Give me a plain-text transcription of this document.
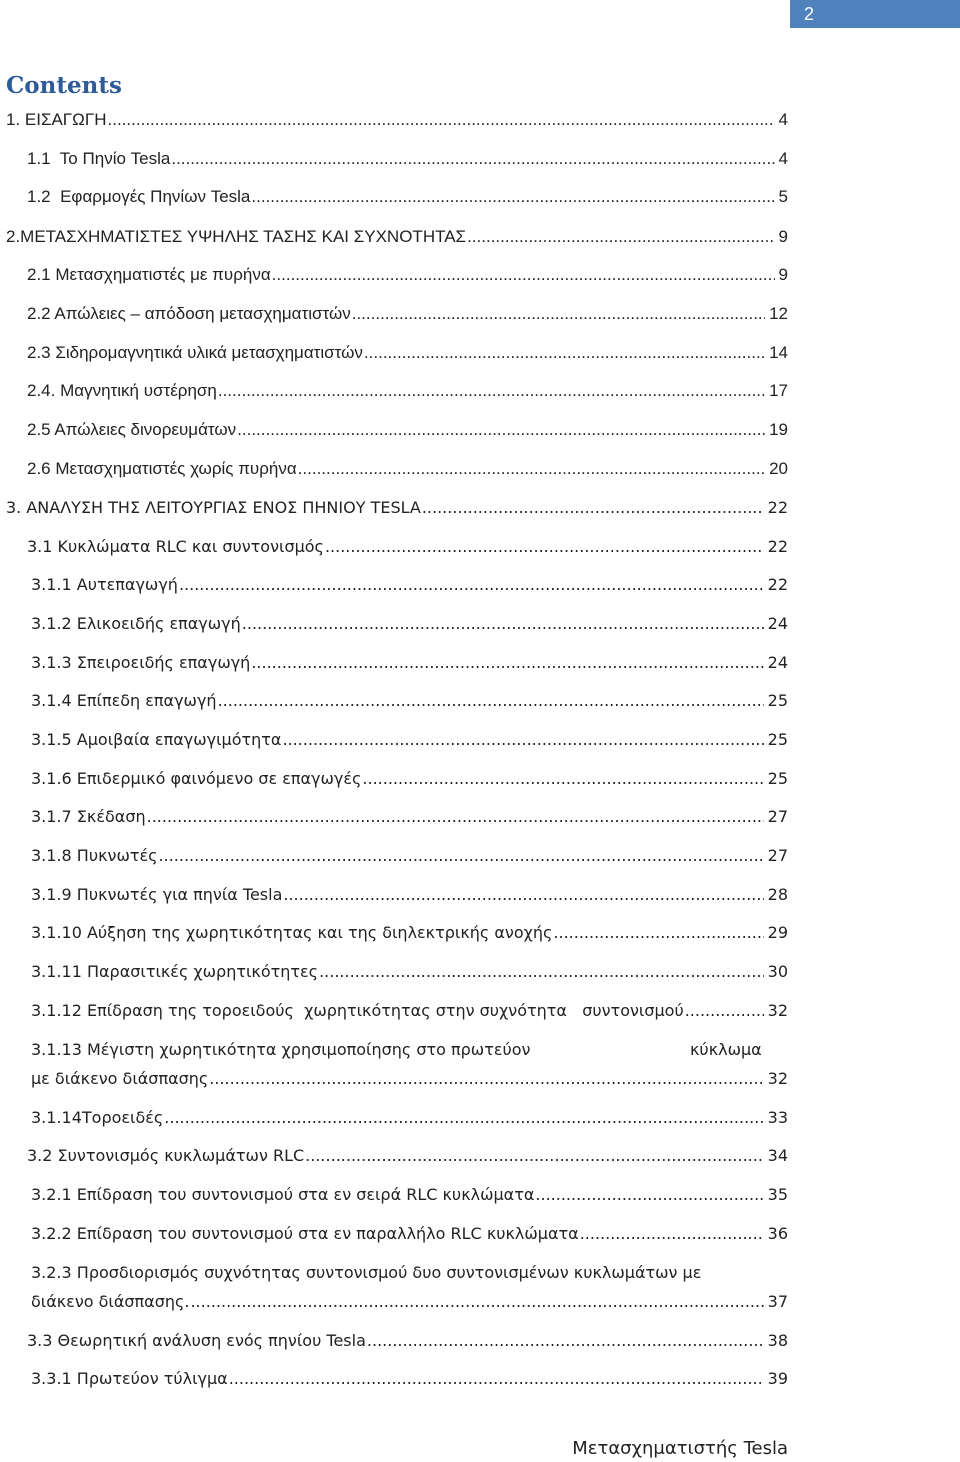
2
Contents
1. ΕΙΣΑΓΩΓΗ .....	4
1.1  Το Πηνίο Tesla .....	4
1.2  Εφαρμογές Πηνίων Tesla .....	5
2.ΜΕΤΑΣΧΗΜΑΤΙΣΤΕΣ ΥΨΗΛΗΣ ΤΑΣΗΣ ΚΑΙ ΣΥΧΝΟΤΗΤΑΣ .....	9
2.1 Μετασχηματιστές με πυρήνα .....	9
2.2 Απώλειες – απόδοση μετασχηματιστών .....	12
2.3 Σιδηρομαγνητικά υλικά μετασχηματιστών .....	14
2.4. Μαγνητική υστέρηση .....	17
2.5 Απώλειες δινορευμάτων .....	19
2.6 Μετασχηματιστές χωρίς πυρήνα .....	20
3. ΑΝΑΛΥΣΗ ΤΗΣ ΛΕΙΤΟΥΡΓΙΑΣ ΕΝΟΣ ΠΗΝΙΟΥ TESLA .....	22
3.1 Κυκλώματα RLC και συντονισμός .....	22
3.1.1 Αυτεπαγωγή .....	22
3.1.2 Ελικοειδής επαγωγή .....	24
3.1.3 Σπειροειδής επαγωγή .....	24
3.1.4 Επίπεδη επαγωγή .....	25
3.1.5 Αμοιβαία επαγωγιμότητα .....	25
3.1.6 Επιδερμικό φαινόμενο σε επαγωγές .....	25
3.1.7 Σκέδαση .....	27
3.1.8 Πυκνωτές .....	27
3.1.9 Πυκνωτές για πηνία Tesla .....	28
3.1.10 Αύξηση της χωρητικότητας και της διηλεκτρικής ανοχής .....	29
3.1.11 Παρασιτικές χωρητικότητες .....	30
3.1.12 Επίδραση της τοροειδούς  χωρητικότητας στην συχνότητα   συντονισμού .....	32
3.1.13 Μέγιστη χωρητικότητα χρησιμοποίησης στο πρωτεύον	κύκλωμα
με διάκενο διάσπασης .....	32
3.1.14Τοροειδές .....	33
3.2 Συντονισμός κυκλωμάτων RLC .....	34
3.2.1 Επίδραση του συντονισμού στα εν σειρά RLC κυκλώματα .....	35
3.2.2 Επίδραση του συντονισμού στα εν παραλλήλο RLC κυκλώματα .....	36
3.2.3 Προσδιορισμός συχνότητας συντονισμού δυο συντονισμένων κυκλωμάτων με
διάκενο διάσπασης. .....	37
3.3 Θεωρητική ανάλυση ενός πηνίου Tesla .....	38
3.3.1 Πρωτεύον τύλιγμα .....	39
Μετασχηματιστής Tesla
